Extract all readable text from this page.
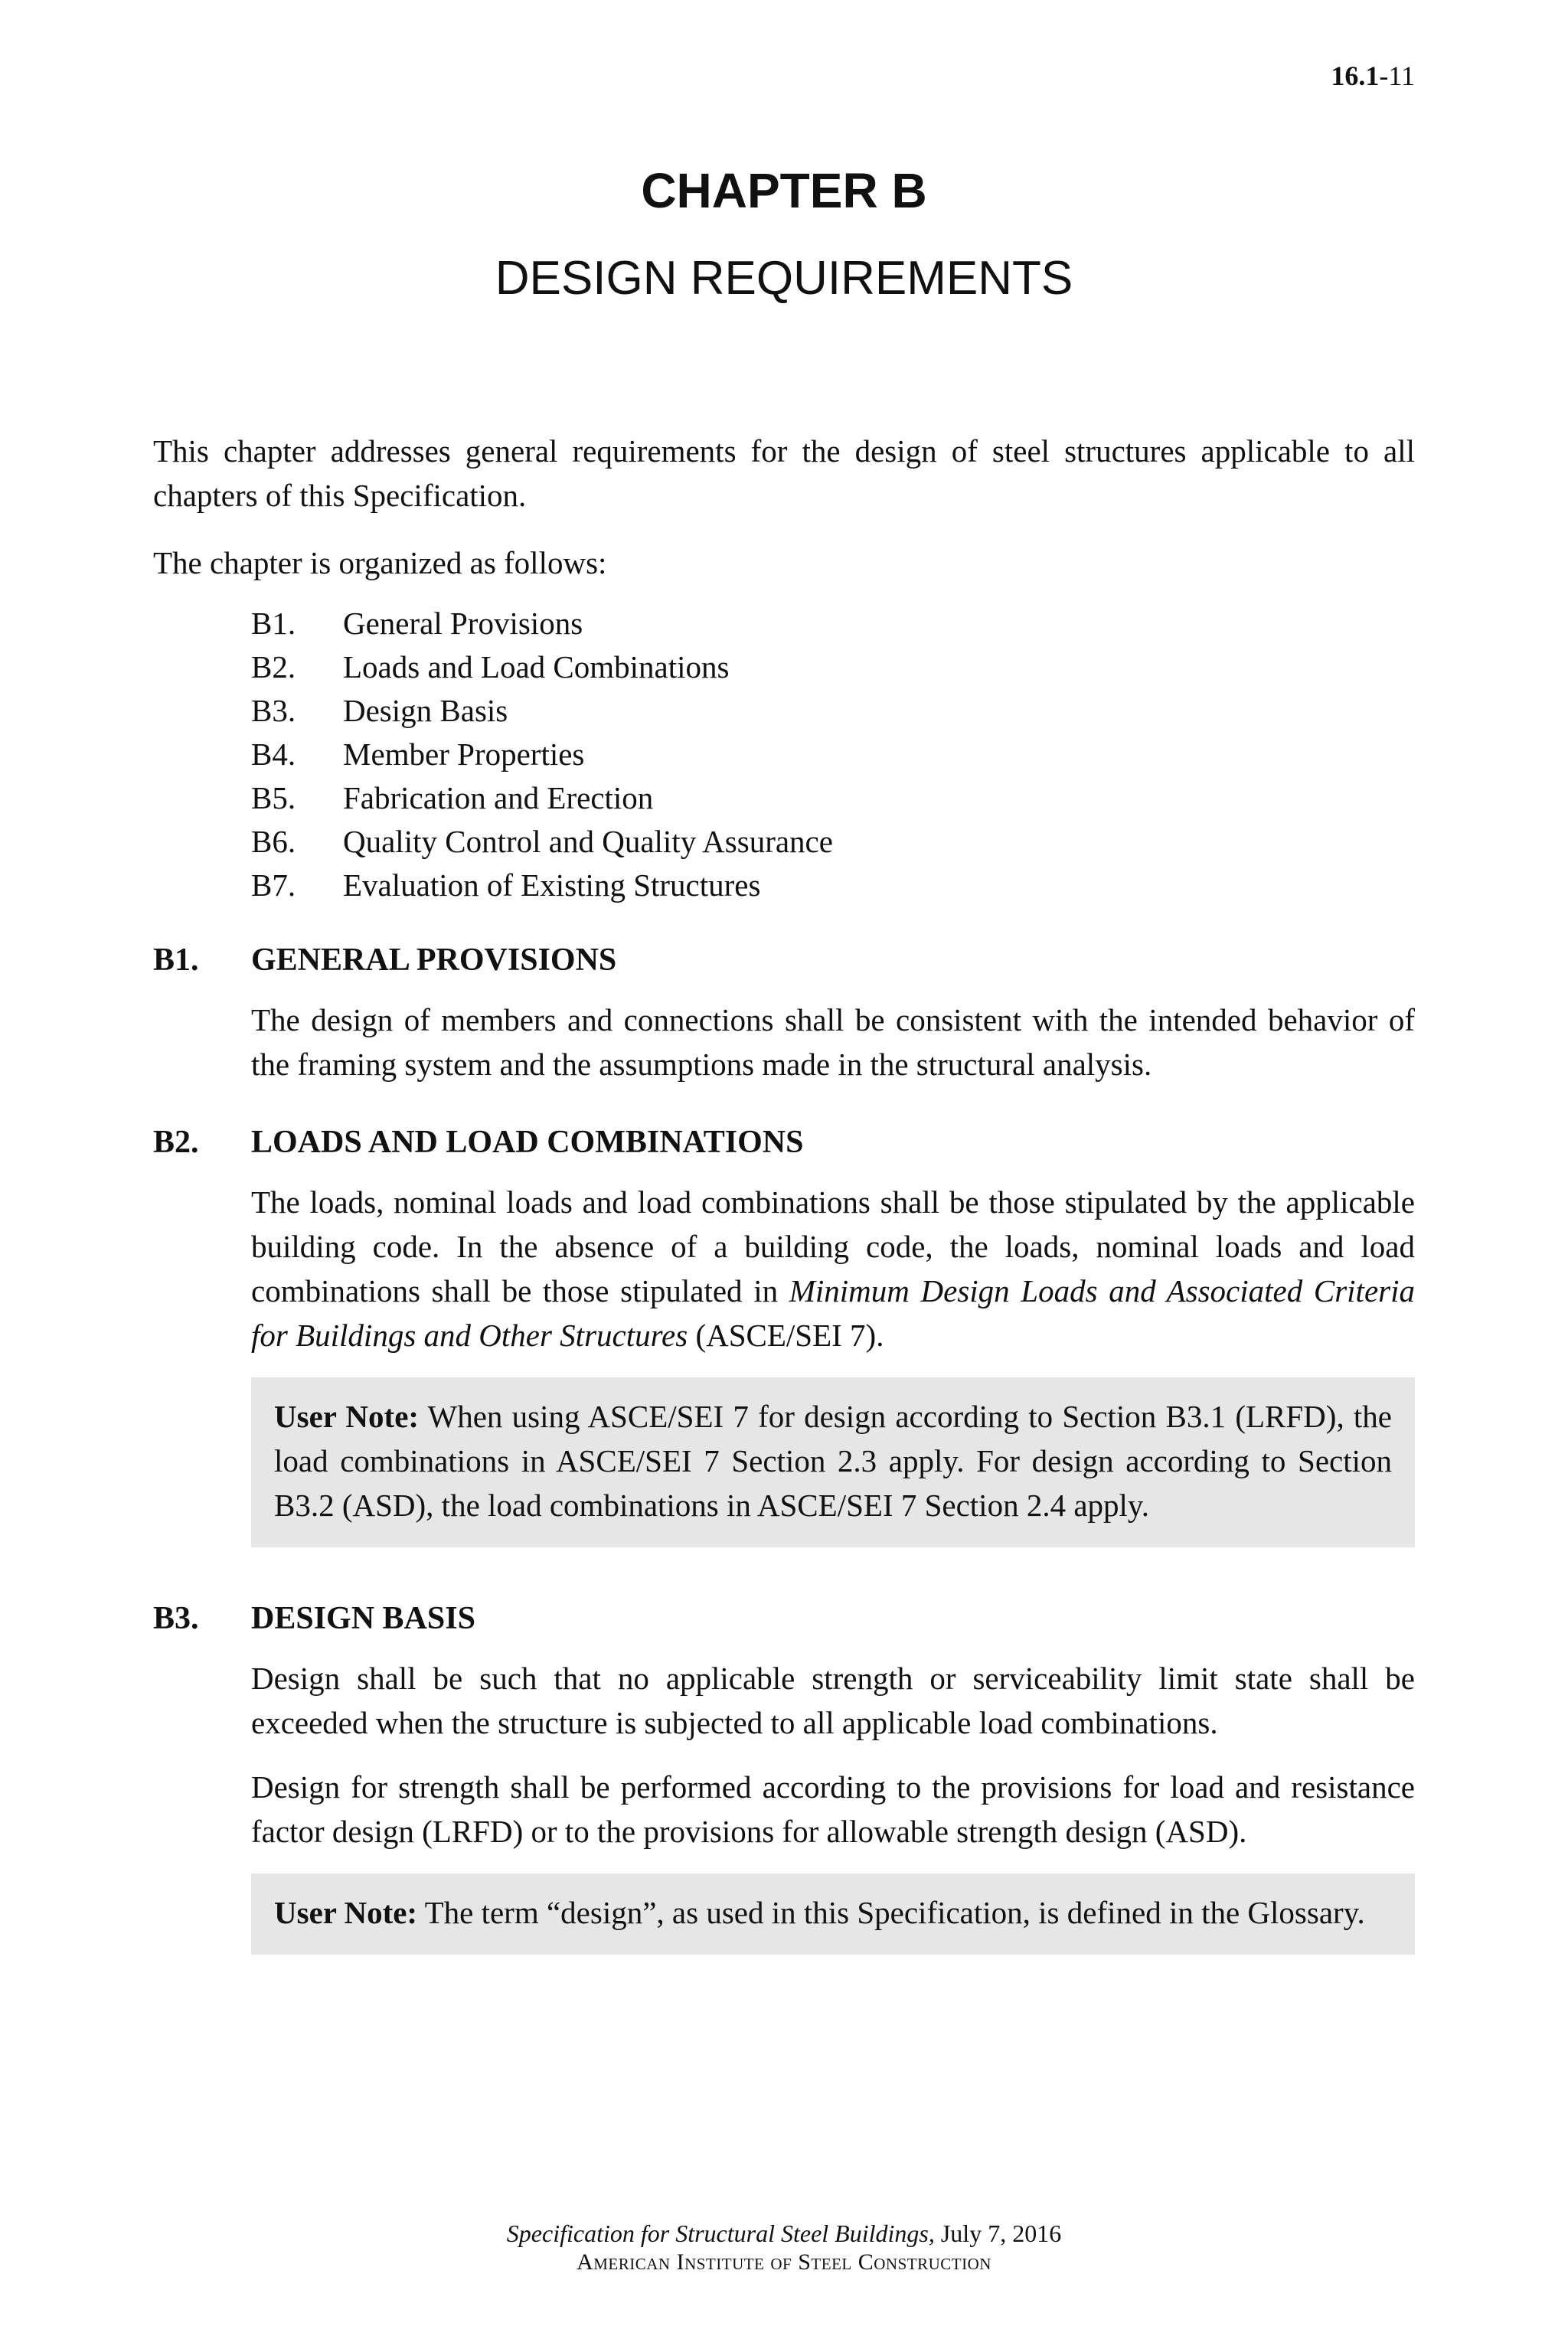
16.1-11
CHAPTER B
DESIGN REQUIREMENTS

This chapter addresses general requirements for the design of steel structures applicable to all chapters of this Specification.

The chapter is organized as follows:

B1.	General Provisions
B2.	Loads and Load Combinations
B3.	Design Basis
B4.	Member Properties
B5.	Fabrication and Erection
B6.	Quality Control and Quality Assurance
B7.	Evaluation of Existing Structures
B1.	GENERAL PROVISIONS

The design of members and connections shall be consistent with the intended behavior of the framing system and the assumptions made in the structural analysis.

B2.	LOADS AND LOAD COMBINATIONS

The loads, nominal loads and load combinations shall be those stipulated by the applicable building code. In the absence of a building code, the loads, nominal loads and load combinations shall be those stipulated in Minimum Design Loads and Associated Criteria for Buildings and Other Structures (ASCE/SEI 7).

User Note: When using ASCE/SEI 7 for design according to Section B3.1 (LRFD), the load combinations in ASCE/SEI 7 Section 2.3 apply. For design according to Section B3.2 (ASD), the load combinations in ASCE/SEI 7 Section 2.4 apply.
B3.	DESIGN BASIS

Design shall be such that no applicable strength or serviceability limit state shall be exceeded when the structure is subjected to all applicable load combinations.

Design for strength shall be performed according to the provisions for load and resistance factor design (LRFD) or to the provisions for allowable strength design (ASD).

User Note: The term “design”, as used in this Specification, is defined in the Glossary.
Specification for Structural Steel Buildings, July 7, 2016
American Institute of Steel Construction
